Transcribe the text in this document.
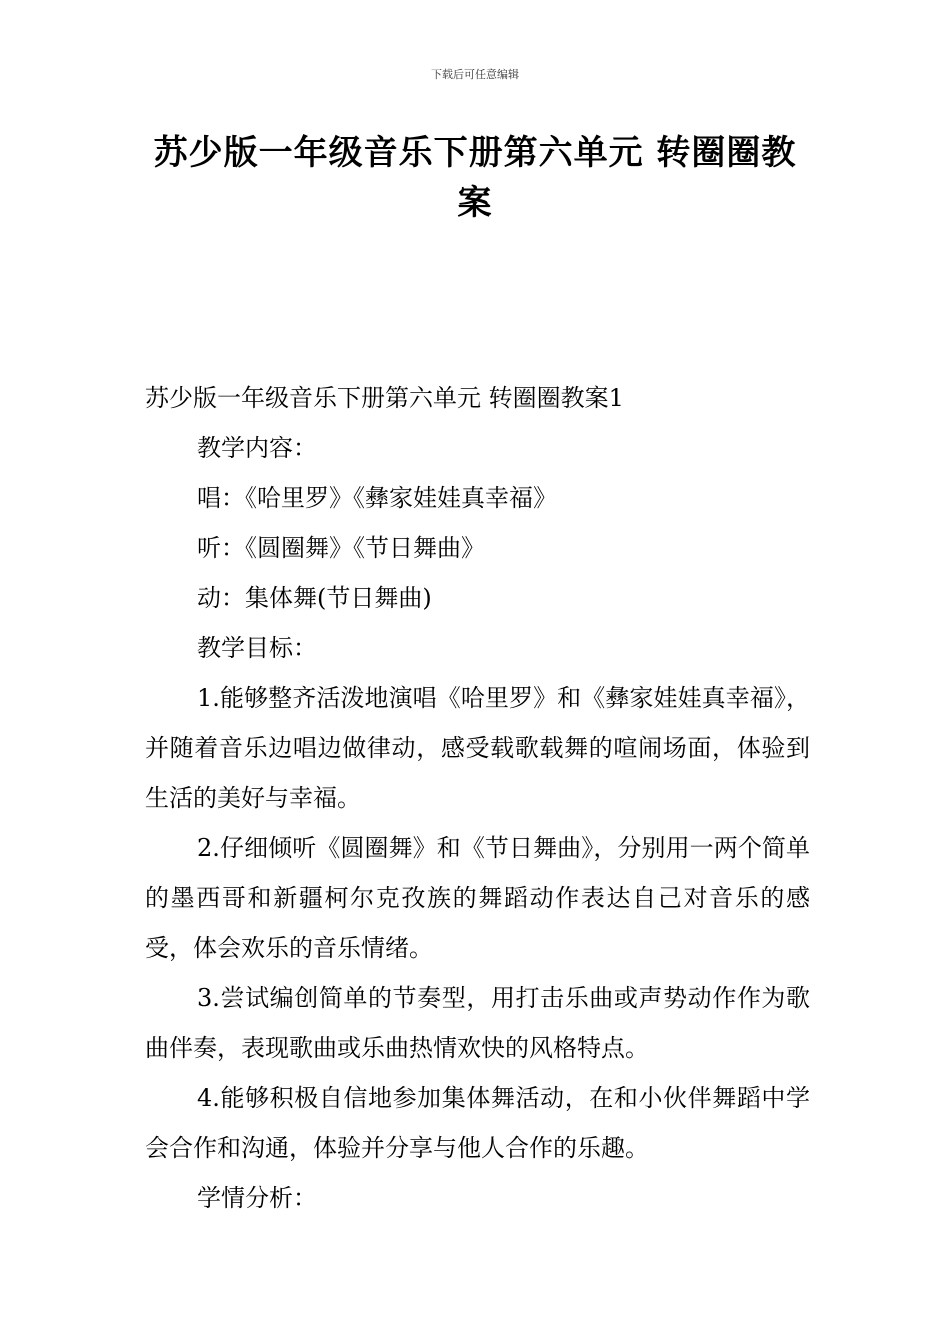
下载后可任意编辑
苏少版一年级音乐下册第六单元 转圈圈教案

苏少版一年级音乐下册第六单元 转圈圈教案1

教学内容：

唱：《哈里罗》《彝家娃娃真幸福》

听：《圆圈舞》《节日舞曲》

动：集体舞(节日舞曲)

教学目标：

1.能够整齐活泼地演唱《哈里罗》和《彝家娃娃真幸福》，并随着音乐边唱边做律动，感受载歌载舞的喧闹场面，体验到生活的美好与幸福。

2.仔细倾听《圆圈舞》和《节日舞曲》，分别用一两个简单的墨西哥和新疆柯尔克孜族的舞蹈动作表达自己对音乐的感受，体会欢乐的音乐情绪。

3.尝试编创简单的节奏型，用打击乐曲或声势动作作为歌曲伴奏，表现歌曲或乐曲热情欢快的风格特点。

4.能够积极自信地参加集体舞活动，在和小伙伴舞蹈中学会合作和沟通，体验并分享与他人合作的乐趣。

学情分析：
